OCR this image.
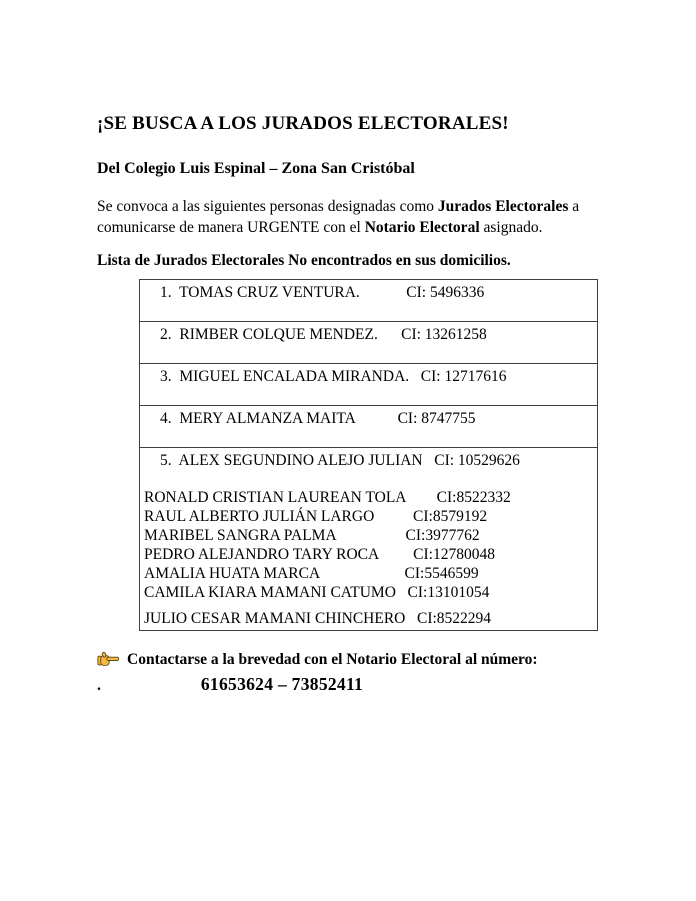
¡SE BUSCA A LOS JURADOS ELECTORALES!
Del Colegio Luis Espinal – Zona San Cristóbal

Se convoca a las siguientes personas designadas como Jurados Electorales a comunicarse de manera URGENTE con el Notario Electoral asignado.

Lista de Jurados Electorales No encontrados en sus domicilios.
1.  TOMAS CRUZ VENTURA.            CI: 5496336
2.  RIMBER COLQUE MENDEZ.      CI: 13261258
3.  MIGUEL ENCALADA MIRANDA.   CI: 12717616
4.  MERY ALMANZA MAITA           CI: 8747755
5.  ALEX SEGUNDINO ALEJO JULIAN   CI: 10529626
RONALD CRISTIAN LAUREAN TOLA        CI:8522332
RAUL ALBERTO JULIÁN LARGO          CI:8579192
MARIBEL SANGRA PALMA                  CI:3977762
PEDRO ALEJANDRO TARY ROCA         CI:12780048
AMALIA HUATA MARCA                      CI:5546599
CAMILA KIARA MAMANI CATUMO   CI:13101054
JULIO CESAR MAMANI CHINCHERO   CI:8522294
Contactarse a la brevedad con el Notario Electoral al número:
.	61653624 – 73852411
